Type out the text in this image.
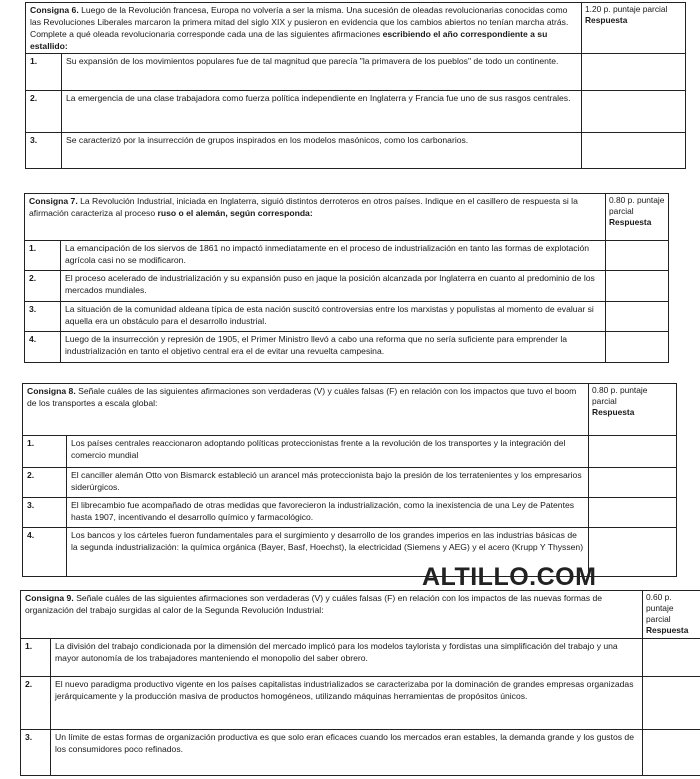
Consigna 6. Luego de la Revolución francesa, Europa no volvería a ser la misma. Una sucesión de oleadas revolucionarias conocidas como las Revoluciones Liberales marcaron la primera mitad del siglo XIX y pusieron en evidencia que los cambios abiertos no tenían marcha atrás. Complete a qué oleada revolucionaria corresponde cada una de las siguientes afirmaciones escribiendo el año correspondiente a su estallido:		1.20 p. puntaje parcial
Respuesta

1.	Su expansión de los movimientos populares fue de tal magnitud que parecía "la primavera de los pueblos" de todo un continente.	
2.	La emergencia de una clase trabajadora como fuerza política independiente en Inglaterra y Francia fue uno de sus rasgos centrales.	
3.	Se caracterizó por la insurrección de grupos inspirados en los modelos masónicos, como los carbonarios.	
Consigna 7. La Revolución Industrial, iniciada en Inglaterra, siguió distintos derroteros en otros países. Indique en el casillero de respuesta si la afirmación caracteriza al proceso ruso o el alemán, según corresponda:		0.80 p. puntaje parcial
Respuesta

1.	La emancipación de los siervos de 1861 no impactó inmediatamente en el proceso de industrialización en tanto las formas de explotación agrícola casi no se modificaron.	
2.	El proceso acelerado de industrialización y su expansión puso en jaque la posición alcanzada por Inglaterra en cuanto al predominio de los mercados mundiales.	
3.	La situación de la comunidad aldeana típica de esta nación suscitó controversias entre los marxistas y populistas al momento de evaluar si aquella era un obstáculo para el desarrollo industrial.	
4.	Luego de la insurrección y represión de 1905, el Primer Ministro llevó a cabo una reforma que no sería suficiente para emprender la industrialización en tanto el objetivo central era el de evitar una revuelta campesina.	
Consigna 8. Señale cuáles de las siguientes afirmaciones son verdaderas (V) y cuáles falsas (F) en relación con los impactos que tuvo el boom de los transportes a escala global:		0.80 p. puntaje parcial
Respuesta

1.	Los países centrales reaccionaron adoptando políticas proteccionistas frente a la revolución de los transportes y la integración del comercio mundial	
2.	El canciller alemán Otto von Bismarck estableció un arancel más proteccionista bajo la presión de los terratenientes y los empresarios siderúrgicos.	
3.	El librecambio fue acompañado de otras medidas que favorecieron la industrialización, como la inexistencia de una Ley de Patentes hasta 1907, incentivando el desarrollo químico y farmacológico.	
4.	Los bancos y los cárteles fueron fundamentales para el surgimiento y desarrollo de los grandes imperios en las industrias básicas de la segunda industrialización: la química orgánica (Bayer, Basf, Hoechst), la electricidad (Siemens y AEG) y el acero (Krupp Y Thyssen)	
ALTILLO.COM
Consigna 9. Señale cuáles de las siguientes afirmaciones son verdaderas (V) y cuáles falsas (F) en relación con los impactos de las nuevas formas de organización del trabajo surgidas al calor de la Segunda Revolución Industrial:		0.60 p. puntaje parcial
Respuesta

1.	La división del trabajo condicionada por la dimensión del mercado implicó para los modelos taylorista y fordistas una simplificación del trabajo y una mayor autonomía de los trabajadores manteniendo el monopolio del saber obrero.	
2.	El nuevo paradigma productivo vigente en los países capitalistas industrializados se caracterizaba por la dominación de grandes empresas organizadas jerárquicamente y la producción masiva de productos homogéneos, utilizando máquinas herramientas de propósitos únicos.	
3.	Un límite de estas formas de organización productiva es que solo eran eficaces cuando los mercados eran estables, la demanda grande y los gustos de los consumidores poco refinados.	
